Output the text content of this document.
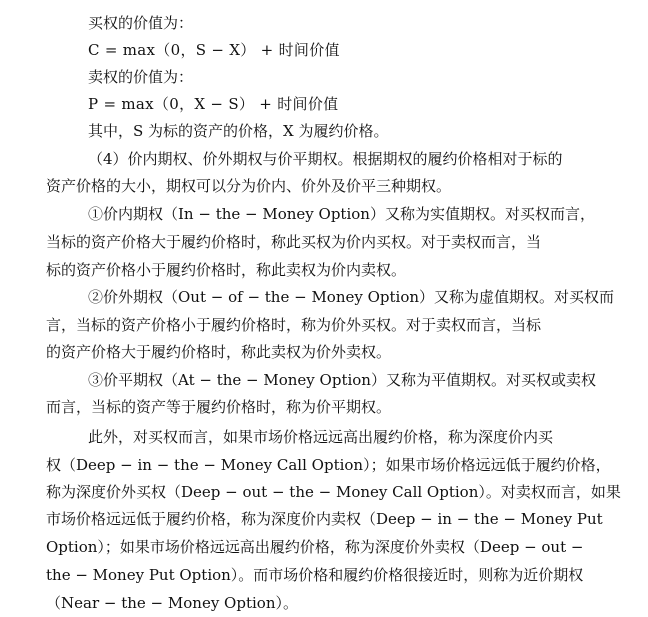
买权的价值为：
C = max（0，S − X） + 时间价值
卖权的价值为：
P = max（0，X − S） + 时间价值
其中，S 为标的资产的价格，X 为履约价格。
（4）价内期权、价外期权与价平期权。根据期权的履约价格相对于标的
资产价格的大小，期权可以分为价内、价外及价平三种期权。
①价内期权（In − the − Money Option）又称为实值期权。对买权而言，
当标的资产价格大于履约价格时，称此买权为价内买权。对于卖权而言，当
标的资产价格小于履约价格时，称此卖权为价内卖权。
②价外期权（Out − of − the − Money Option）又称为虚值期权。对买权而
言，当标的资产价格小于履约价格时，称为价外买权。对于卖权而言，当标
的资产价格大于履约价格时，称此卖权为价外卖权。
③价平期权（At − the − Money Option）又称为平值期权。对买权或卖权
而言，当标的资产等于履约价格时，称为价平期权。
此外，对买权而言，如果市场价格远远高出履约价格，称为深度价内买
权（Deep − in − the − Money Call Option）；如果市场价格远远低于履约价格，
称为深度价外买权（Deep − out − the − Money Call Option）。对卖权而言，如果
市场价格远远低于履约价格，称为深度价内卖权（Deep − in − the − Money Put
Option）；如果市场价格远远高出履约价格，称为深度价外卖权（Deep − out −
the − Money Put Option）。而市场价格和履约价格很接近时，则称为近价期权
（Near − the − Money Option）。
